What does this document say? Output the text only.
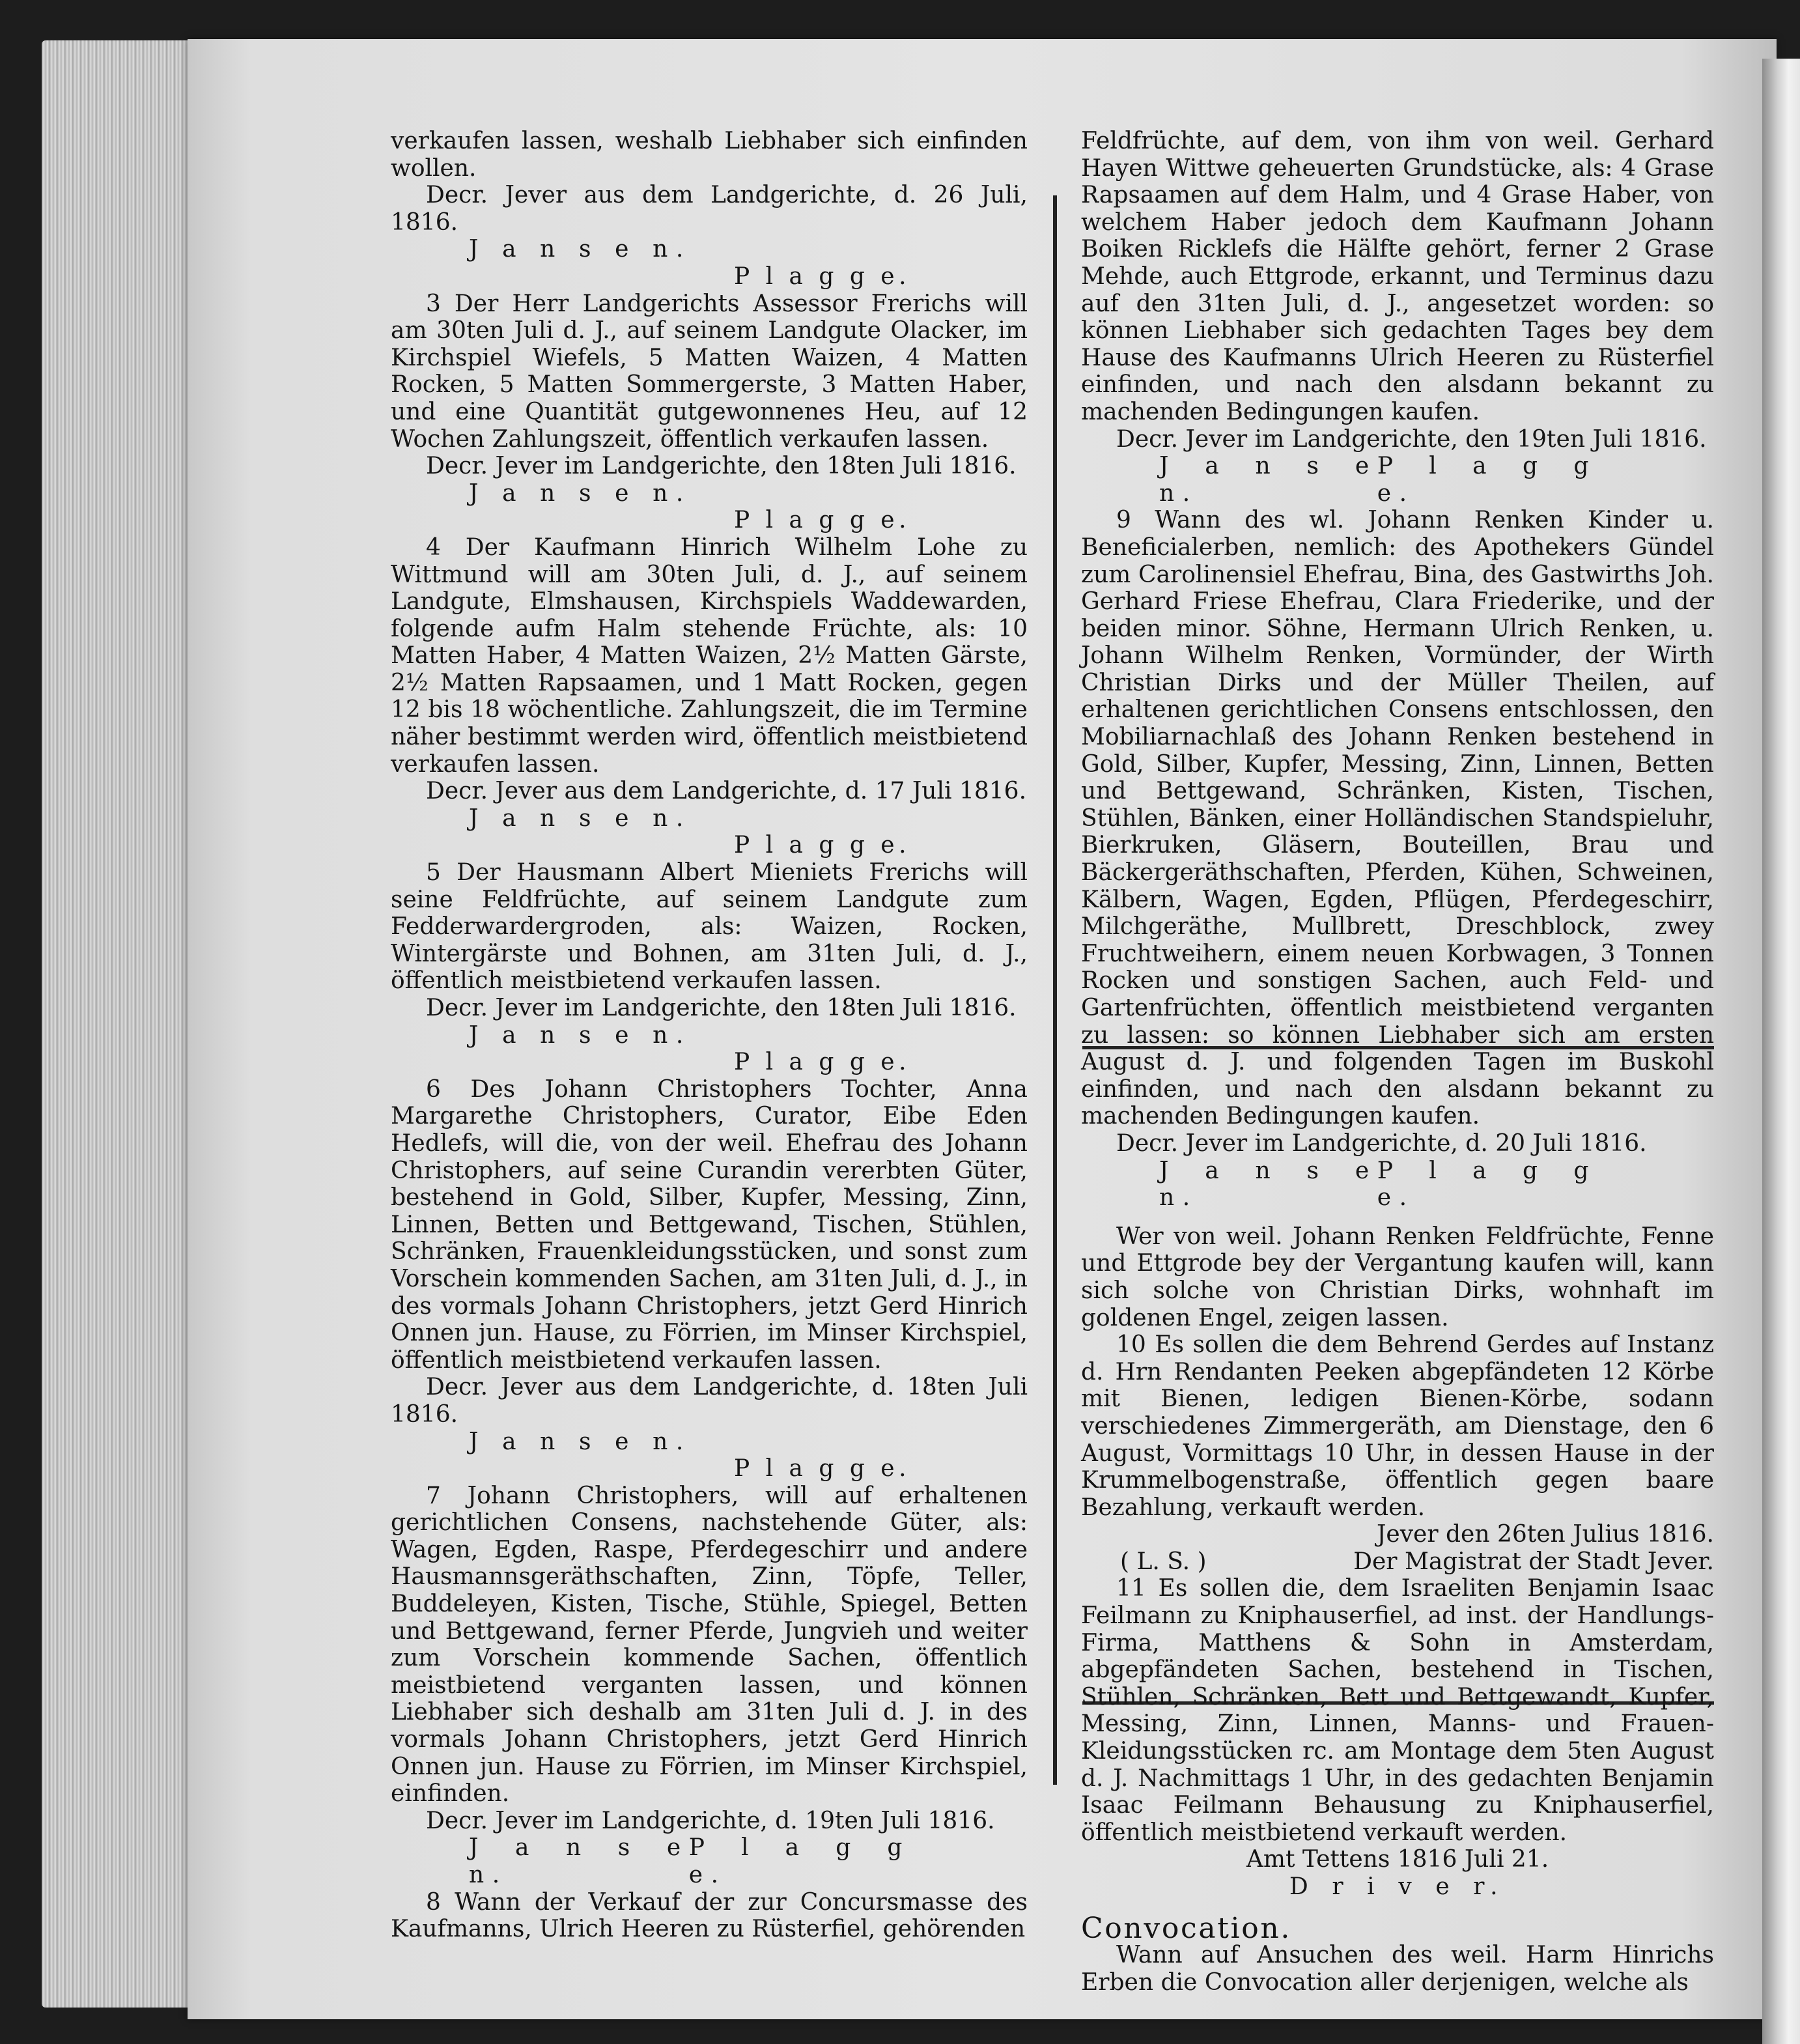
verkaufen lassen, weshalb Liebhaber sich einfinden wollen.

Decr. Jever aus dem Landgerichte, d. 26 Juli, 1816.

J a n s e n.

P l a g g e.

3 Der Herr Landgerichts Assessor Frerichs will am 30ten Juli d. J., auf seinem Landgute Olacker, im Kirchspiel Wiefels, 5 Matten Waizen, 4 Matten Rocken, 5 Matten Sommergerste, 3 Matten Haber, und eine Quantität gutgewonnenes Heu, auf 12 Wochen Zahlungszeit, öffentlich verkaufen lassen.

Decr. Jever im Landgerichte, den 18ten Juli 1816.

J a n s e n.

P l a g g e.

4 Der Kaufmann Hinrich Wilhelm Lohe zu Wittmund will am 30ten Juli, d. J., auf seinem Landgute, Elmshausen, Kirchspiels Waddewarden, folgende aufm Halm stehende Früchte, als: 10 Matten Haber, 4 Matten Waizen, 2½ Matten Gärste, 2½ Matten Rapsaamen, und 1 Matt Rocken, gegen 12 bis 18 wöchentliche. Zahlungszeit, die im Termine näher bestimmt werden wird, öffentlich meistbietend verkaufen lassen.

Decr. Jever aus dem Landgerichte, d. 17 Juli 1816.

J a n s e n.

P l a g g e.

5 Der Hausmann Albert Mieniets Frerichs will seine Feldfrüchte, auf seinem Landgute zum Fedderwardergroden, als: Waizen, Rocken, Wintergärste und Bohnen, am 31ten Juli, d. J., öffentlich meistbietend verkaufen lassen.

Decr. Jever im Landgerichte, den 18ten Juli 1816.

J a n s e n.

P l a g g e.

6 Des Johann Christophers Tochter, Anna Margarethe Christophers, Curator, Eibe Eden Hedlefs, will die, von der weil. Ehefrau des Johann Christophers, auf seine Curandin vererbten Güter, bestehend in Gold, Silber, Kupfer, Messing, Zinn, Linnen, Betten und Bettgewand, Tischen, Stühlen, Schränken, Frauenkleidungsstücken, und sonst zum Vorschein kommenden Sachen, am 31ten Juli, d. J., in des vormals Johann Christophers, jetzt Gerd Hinrich Onnen jun. Hause, zu Förrien, im Minser Kirchspiel, öffentlich meistbietend verkaufen lassen.

Decr. Jever aus dem Landgerichte, d. 18ten Juli 1816.

J a n s e n.

P l a g g e.

7 Johann Christophers, will auf erhaltenen gerichtlichen Consens, nachstehende Güter, als: Wagen, Egden, Raspe, Pferdegeschirr und andere Hausmannsgeräthschaften, Zinn, Töpfe, Teller, Buddeleyen, Kisten, Tische, Stühle, Spiegel, Betten und Bettgewand, ferner Pferde, Jungvieh und weiter zum Vorschein kommende Sachen, öffentlich meistbietend verganten lassen, und können Liebhaber sich deshalb am 31ten Juli d. J. in des vormals Johann Christophers, jetzt Gerd Hinrich Onnen jun. Hause zu Förrien, im Minser Kirchspiel, einfinden.

Decr. Jever im Landgerichte, d. 19ten Juli 1816.

J a n s e n.
P l a g g e.

8 Wann der Verkauf der zur Concursmasse des Kaufmanns, Ulrich Heeren zu Rüsterfiel, gehörenden

Feldfrüchte, auf dem, von ihm von weil. Gerhard Hayen Wittwe geheuerten Grundstücke, als: 4 Grase Rapsaamen auf dem Halm, und 4 Grase Haber, von welchem Haber jedoch dem Kaufmann Johann Boiken Ricklefs die Hälfte gehört, ferner 2 Grase Mehde, auch Ettgrode, erkannt, und Terminus dazu auf den 31ten Juli, d. J., angesetzet worden: so können Liebhaber sich gedachten Tages bey dem Hause des Kaufmanns Ulrich Heeren zu Rüsterfiel einfinden, und nach den alsdann bekannt zu machenden Bedingungen kaufen.

Decr. Jever im Landgerichte, den 19ten Juli 1816.

J a n s e n.
P l a g g e.

9 Wann des wl. Johann Renken Kinder u. Beneficialerben, nemlich: des Apothekers Gündel zum Carolinensiel Ehefrau, Bina, des Gastwirths Joh. Gerhard Friese Ehefrau, Clara Friederike, und der beiden minor. Söhne, Hermann Ulrich Renken, u. Johann Wilhelm Renken, Vormünder, der Wirth Christian Dirks und der Müller Theilen, auf erhaltenen gerichtlichen Consens entschlossen, den Mobiliarnachlaß des Johann Renken bestehend in Gold, Silber, Kupfer, Messing, Zinn, Linnen, Betten und Bettgewand, Schränken, Kisten, Tischen, Stühlen, Bänken, einer Holländischen Standspieluhr, Bierkruken, Gläsern, Bouteillen, Brau und Bäckergeräthschaften, Pferden, Kühen, Schweinen, Kälbern, Wagen, Egden, Pflügen, Pferdegeschirr, Milchgeräthe, Mullbrett, Dreschblock, zwey Fruchtweihern, einem neuen Korbwagen, 3 Tonnen Rocken und sonstigen Sachen, auch Feld- und Gartenfrüchten, öffentlich meistbietend verganten zu lassen: so können Liebhaber sich am ersten August d. J. und folgenden Tagen im Buskohl einfinden, und nach den alsdann bekannt zu machenden Bedingungen kaufen.

Decr. Jever im Landgerichte, d. 20 Juli 1816.

J a n s e n.
P l a g g e.

Wer von weil. Johann Renken Feldfrüchte, Fenne und Ettgrode bey der Vergantung kaufen will, kann sich solche von Christian Dirks, wohnhaft im goldenen Engel, zeigen lassen.

10 Es sollen die dem Behrend Gerdes auf Instanz d. Hrn Rendanten Peeken abgepfändeten 12 Körbe mit Bienen, ledigen Bienen-Körbe, sodann verschiedenes Zimmergeräth, am Dienstage, den 6 August, Vormittags 10 Uhr, in dessen Hause in der Krummelbogenstraße, öffentlich gegen baare Bezahlung, verkauft werden.

Jever den 26ten Julius 1816.

( L. S. )	Der Magistrat der Stadt Jever.

11 Es sollen die, dem Israeliten Benjamin Isaac Feilmann zu Kniphauserfiel, ad inst. der Handlungs-Firma, Matthens & Sohn in Amsterdam, abgepfändeten Sachen, bestehend in Tischen, Stühlen, Schränken, Bett und Bettgewandt, Kupfer, Messing, Zinn, Linnen, Manns- und Frauen-Kleidungsstücken rc. am Montage dem 5ten August d. J. Nachmittags 1 Uhr, in des gedachten Benjamin Isaac Feilmann Behausung zu Kniphauserfiel, öffentlich meistbietend verkauft werden.

Amt Tettens 1816 Juli 21.

D r i v e r.

Convocation.

Wann auf Ansuchen des weil. Harm Hinrichs Erben die Convocation aller derjenigen, welche als
